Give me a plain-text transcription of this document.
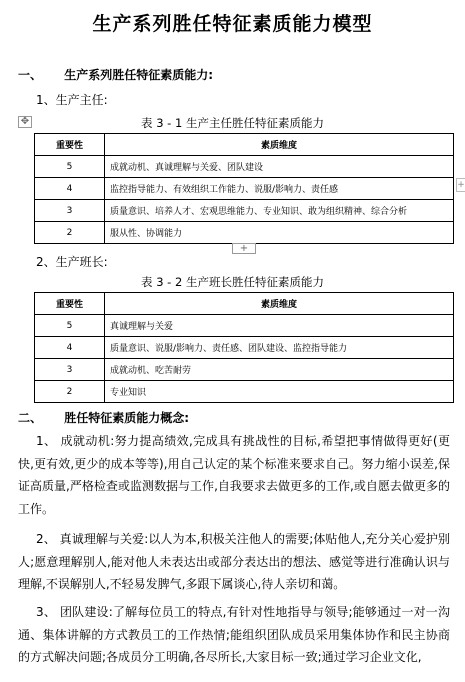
生产系列胜任特征素质能力模型
一、 生产系列胜任特征素质能力:
1、生产主任:
✥	表 3 - 1 生产主任胜任特征素质能力
重要性	素质维度
5	成就动机、真诚理解与关爱、团队建设
4	监控指导能力、有效组织工作能力、说服/影响力、责任感
3	质量意识、培养人才、宏观思维能力、专业知识、敢为组织精神、综合分析
2	服从性、协调能力
+
+
2、生产班长:
表 3 - 2 生产班长胜任特征素质能力
重要性	素质维度
5	真诚理解与关爱
4	质量意识、说服/影响力、责任感、团队建设、监控指导能力
3	成就动机、吃苦耐劳
2	专业知识
二、 胜任特征素质能力概念:
1、 成就动机:努力提高绩效,完成具有挑战性的目标,希望把事情做得更好(更快,更有效,更少的成本等等),用自己认定的某个标准来要求自己。努力缩小误差,保证高质量,严格检查或监测数据与工作,自我要求去做更多的工作,或自愿去做更多的工作。
2、 真诚理解与关爱:以人为本,积极关注他人的需要;体贴他人,充分关心爱护别人;愿意理解别人,能对他人未表达出或部分表达出的想法、感觉等进行准确认识与理解,不误解别人,不轻易发脾气,多跟下属谈心,待人亲切和蔼。
3、 团队建设:了解每位员工的特点,有针对性地指导与领导;能够通过一对一沟通、集体讲解的方式教员工的工作热情;能组织团队成员采用集体协作和民主协商的方式解决问题;各成员分工明确,各尽所长,大家目标一致;通过学习企业文化,
